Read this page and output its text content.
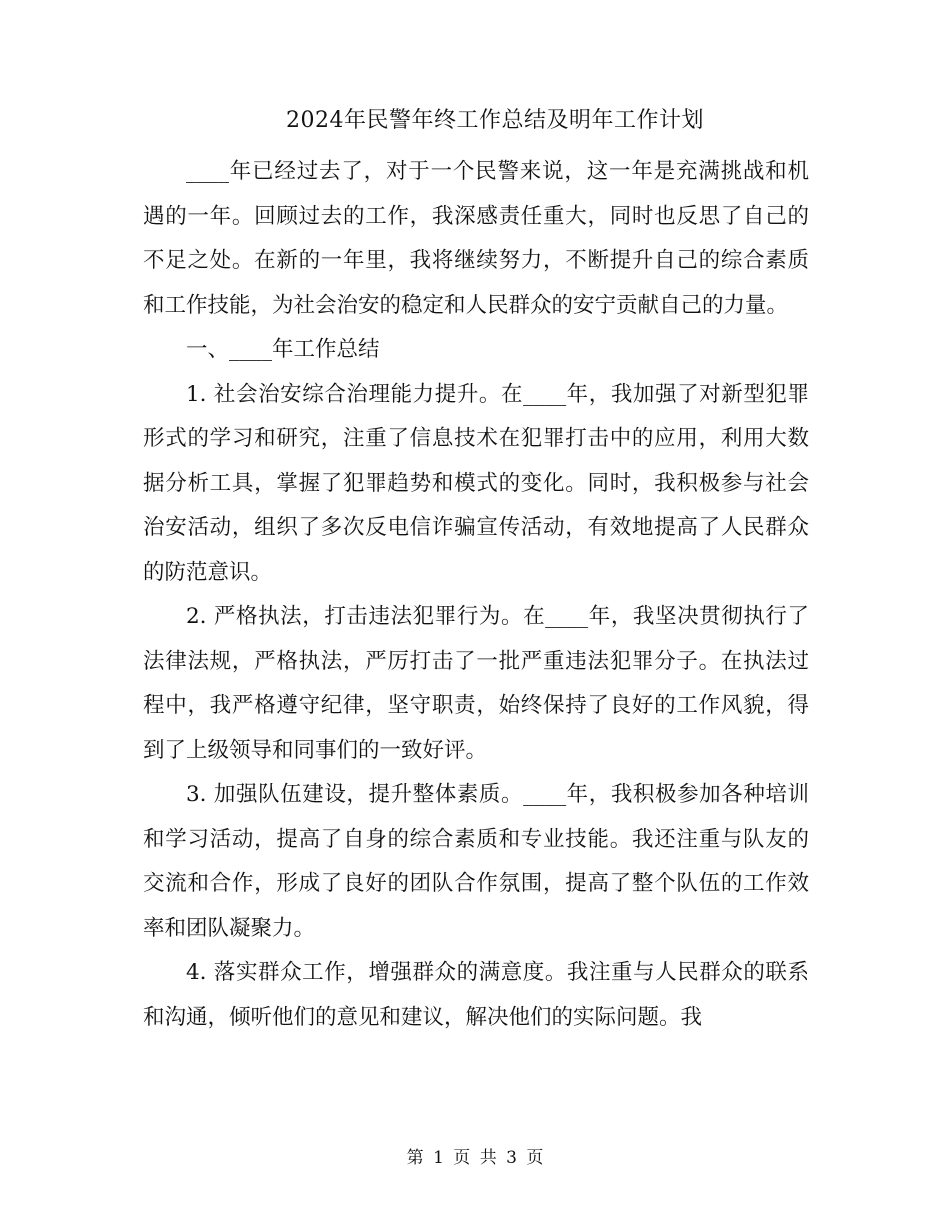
2024年民警年终工作总结及明年工作计划

____年已经过去了，对于一个民警来说，这一年是充满挑战和机遇的一年。回顾过去的工作，我深感责任重大，同时也反思了自己的不足之处。在新的一年里，我将继续努力，不断提升自己的综合素质和工作技能，为社会治安的稳定和人民群众的安宁贡献自己的力量。

一、____年工作总结

1. 社会治安综合治理能力提升。在____年，我加强了对新型犯罪形式的学习和研究，注重了信息技术在犯罪打击中的应用，利用大数据分析工具，掌握了犯罪趋势和模式的变化。同时，我积极参与社会治安活动，组织了多次反电信诈骗宣传活动，有效地提高了人民群众的防范意识。

2. 严格执法，打击违法犯罪行为。在____年，我坚决贯彻执行了法律法规，严格执法，严厉打击了一批严重违法犯罪分子。在执法过程中，我严格遵守纪律，坚守职责，始终保持了良好的工作风貌，得到了上级领导和同事们的一致好评。

3. 加强队伍建设，提升整体素质。____年，我积极参加各种培训和学习活动，提高了自身的综合素质和专业技能。我还注重与队友的交流和合作，形成了良好的团队合作氛围，提高了整个队伍的工作效率和团队凝聚力。

4. 落实群众工作，增强群众的满意度。我注重与人民群众的联系和沟通，倾听他们的意见和建议，解决他们的实际问题。我

第 1 页 共 3 页
